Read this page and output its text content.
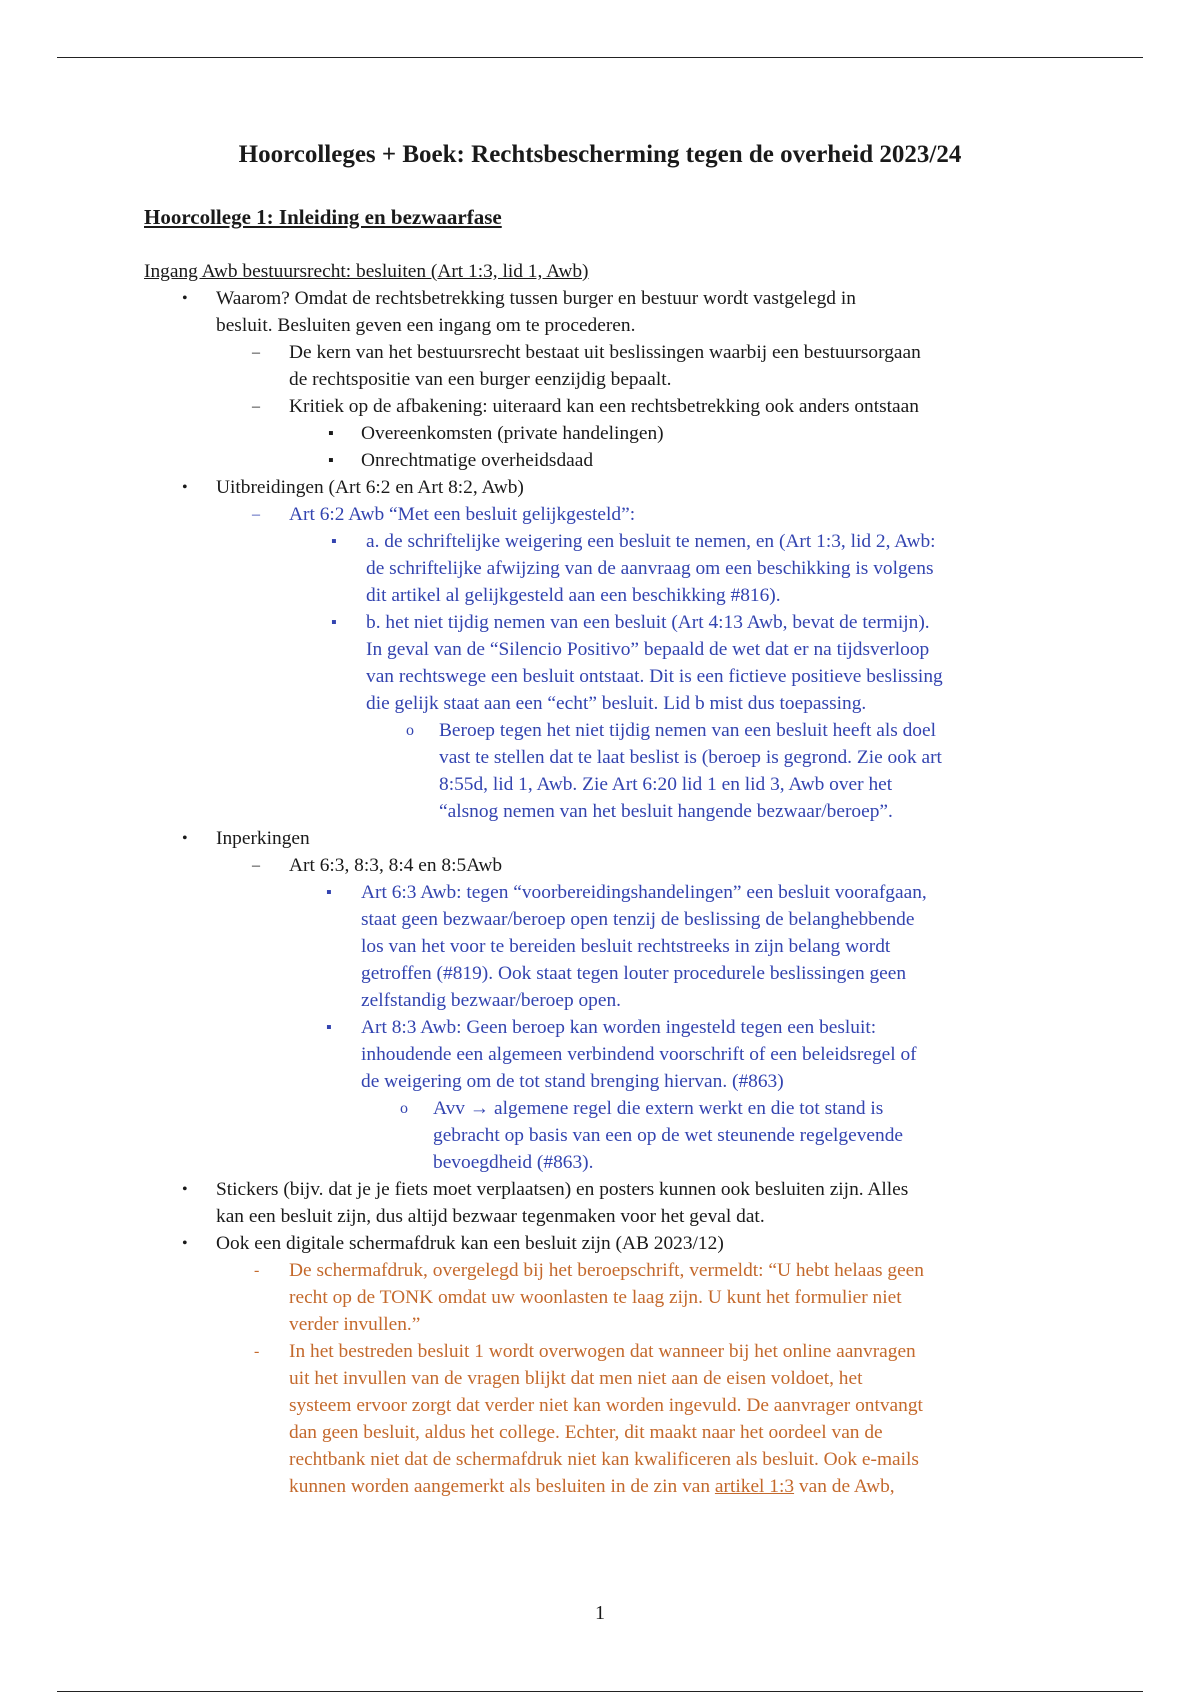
Hoorcolleges + Boek: Rechtsbescherming tegen de overheid 2023/24
Hoorcollege 1: Inleiding en bezwaarfase
Ingang Awb bestuursrecht: besluiten (Art 1:3, lid 1, Awb)
• Waarom? Omdat de rechtsbetrekking tussen burger en bestuur wordt vastgelegd in
besluit. Besluiten geven een ingang om te procederen.
– De kern van het bestuursrecht bestaat uit beslissingen waarbij een bestuursorgaan
de rechtspositie van een burger eenzijdig bepaalt.
– Kritiek op de afbakening: uiteraard kan een rechtsbetrekking ook anders ontstaan
▪ Overeenkomsten (private handelingen)
▪ Onrechtmatige overheidsdaad
• Uitbreidingen (Art 6:2 en Art 8:2, Awb)
– Art 6:2 Awb “Met een besluit gelijkgesteld”:
▪ a. de schriftelijke weigering een besluit te nemen, en (Art 1:3, lid 2, Awb:
de schriftelijke afwijzing van de aanvraag om een beschikking is volgens
dit artikel al gelijkgesteld aan een beschikking #816).
▪ b. het niet tijdig nemen van een besluit (Art 4:13 Awb, bevat de termijn).
In geval van de “Silencio Positivo” bepaald de wet dat er na tijdsverloop
van rechtswege een besluit ontstaat. Dit is een fictieve positieve beslissing
die gelijk staat aan een “echt” besluit. Lid b mist dus toepassing.
o Beroep tegen het niet tijdig nemen van een besluit heeft als doel
vast te stellen dat te laat beslist is (beroep is gegrond. Zie ook art
8:55d, lid 1, Awb. Zie Art 6:20 lid 1 en lid 3, Awb over het
“alsnog nemen van het besluit hangende bezwaar/beroep”.
• Inperkingen
– Art 6:3, 8:3, 8:4 en 8:5Awb
▪ Art 6:3 Awb: tegen “voorbereidingshandelingen” een besluit voorafgaan,
staat geen bezwaar/beroep open tenzij de beslissing de belanghebbende
los van het voor te bereiden besluit rechtstreeks in zijn belang wordt
getroffen (#819). Ook staat tegen louter procedurele beslissingen geen
zelfstandig bezwaar/beroep open.
▪ Art 8:3 Awb: Geen beroep kan worden ingesteld tegen een besluit:
inhoudende een algemeen verbindend voorschrift of een beleidsregel of
de weigering om de tot stand brenging hiervan. (#863)
o Avv → algemene regel die extern werkt en die tot stand is
gebracht op basis van een op de wet steunende regelgevende
bevoegdheid (#863).
• Stickers (bijv. dat je je fiets moet verplaatsen) en posters kunnen ook besluiten zijn. Alles
kan een besluit zijn, dus altijd bezwaar tegenmaken voor het geval dat.
• Ook een digitale schermafdruk kan een besluit zijn (AB 2023/12)
- De schermafdruk, overgelegd bij het beroepschrift, vermeldt: “U hebt helaas geen
recht op de TONK omdat uw woonlasten te laag zijn. U kunt het formulier niet
verder invullen.”
- In het bestreden besluit 1 wordt overwogen dat wanneer bij het online aanvragen
uit het invullen van de vragen blijkt dat men niet aan de eisen voldoet, het
systeem ervoor zorgt dat verder niet kan worden ingevuld. De aanvrager ontvangt
dan geen besluit, aldus het college. Echter, dit maakt naar het oordeel van de
rechtbank niet dat de schermafdruk niet kan kwalificeren als besluit. Ook e-mails
kunnen worden aangemerkt als besluiten in de zin van artikel 1:3 van de Awb,
1
